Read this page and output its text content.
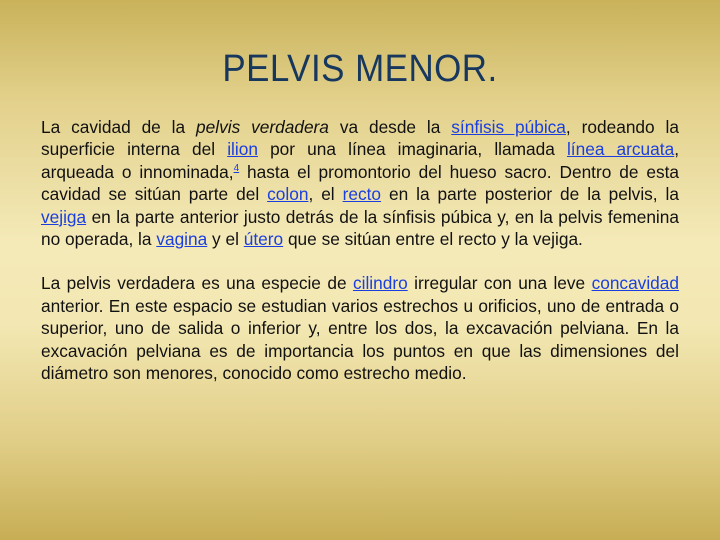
PELVIS MENOR.

La cavidad de la pelvis verdadera va desde la sínfisis púbica, rodeando la superficie interna del ilion por una línea imaginaria, llamada línea arcuata, arqueada o innominada,$^4$ hasta el promontorio del hueso sacro. Dentro de esta cavidad se sitúan parte del colon, el recto en la parte posterior de la pelvis, la vejiga en la parte anterior justo detrás de la sínfisis púbica y, en la pelvis femenina no operada, la vagina y el útero que se sitúan entre el recto y la vejiga.

La pelvis verdadera es una especie de cilindro irregular con una leve concavidad anterior. En este espacio se estudian varios estrechos u orificios, uno de entrada o superior, uno de salida o inferior y, entre los dos, la excavación pelviana. En la excavación pelviana es de importancia los puntos en que las dimensiones del diámetro son menores, conocido como estrecho medio.
